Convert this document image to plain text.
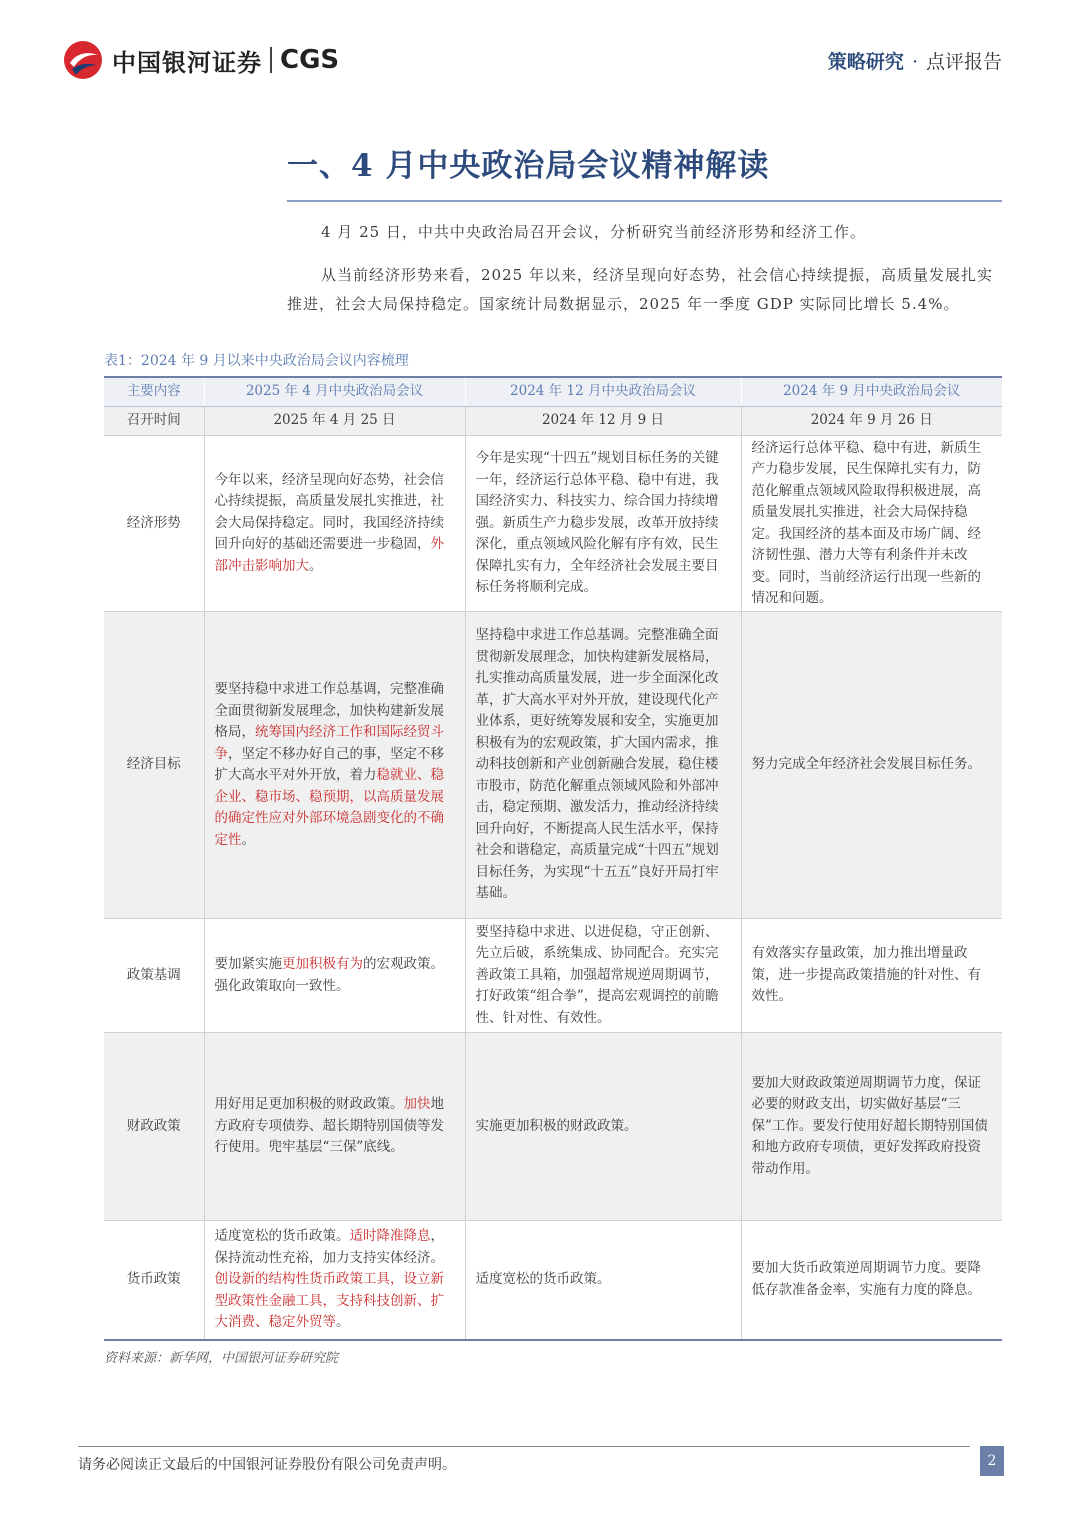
中国银河证券 CGS	策略研究 · 点评报告
一、4 月中央政治局会议精神解读
4 月 25 日，中共中央政治局召开会议，分析研究当前经济形势和经济工作。
从当前经济形势来看，2025 年以来，经济呈现向好态势，社会信心持续提振，高质量发展扎实推进，社会大局保持稳定。国家统计局数据显示，2025 年一季度 GDP 实际同比增长 5.4%。
表1：2024 年 9 月以来中央政治局会议内容梳理
主要内容	2025 年 4 月中央政治局会议	2024 年 12 月中央政治局会议	2024 年 9 月中央政治局会议
召开时间	2025 年 4 月 25 日	2024 年 12 月 9 日	2024 年 9 月 26 日
经济形势	今年以来，经济呈现向好态势，社会信心持续提振，高质量发展扎实推进，社会大局保持稳定。同时，我国经济持续回升向好的基础还需要进一步稳固，外部冲击影响加大。	今年是实现“十四五”规划目标任务的关键一年，经济运行总体平稳、稳中有进，我国经济实力、科技实力、综合国力持续增强。新质生产力稳步发展，改革开放持续深化，重点领域风险化解有序有效，民生保障扎实有力，全年经济社会发展主要目标任务将顺利完成。	经济运行总体平稳、稳中有进，新质生产力稳步发展，民生保障扎实有力，防范化解重点领域风险取得积极进展，高质量发展扎实推进，社会大局保持稳定。我国经济的基本面及市场广阔、经济韧性强、潜力大等有利条件并未改变。同时，当前经济运行出现一些新的情况和问题。
经济目标	要坚持稳中求进工作总基调，完整准确全面贯彻新发展理念，加快构建新发展格局，统筹国内经济工作和国际经贸斗争，坚定不移办好自己的事，坚定不移扩大高水平对外开放，着力稳就业、稳企业、稳市场、稳预期，以高质量发展的确定性应对外部环境急剧变化的不确定性。	坚持稳中求进工作总基调。完整准确全面贯彻新发展理念，加快构建新发展格局，扎实推动高质量发展，进一步全面深化改革，扩大高水平对外开放，建设现代化产业体系，更好统筹发展和安全，实施更加积极有为的宏观政策，扩大国内需求，推动科技创新和产业创新融合发展，稳住楼市股市，防范化解重点领域风险和外部冲击，稳定预期、激发活力，推动经济持续回升向好，不断提高人民生活水平，保持社会和谐稳定，高质量完成“十四五”规划目标任务，为实现“十五五”良好开局打牢基础。	努力完成全年经济社会发展目标任务。
政策基调	要加紧实施更加积极有为的宏观政策。强化政策取向一致性。	要坚持稳中求进、以进促稳，守正创新、先立后破，系统集成、协同配合。充实完善政策工具箱，加强超常规逆周期调节，打好政策“组合拳”，提高宏观调控的前瞻性、针对性、有效性。	有效落实存量政策，加力推出增量政策，进一步提高政策措施的针对性、有效性。
财政政策	用好用足更加积极的财政政策。加快地方政府专项债券、超长期特别国债等发行使用。兜牢基层“三保”底线。	实施更加积极的财政政策。	要加大财政政策逆周期调节力度，保证必要的财政支出，切实做好基层“三保”工作。要发行使用好超长期特别国债和地方政府专项债，更好发挥政府投资带动作用。
货币政策	适度宽松的货币政策。适时降准降息，保持流动性充裕，加力支持实体经济。创设新的结构性货币政策工具，设立新型政策性金融工具，支持科技创新、扩大消费、稳定外贸等。	适度宽松的货币政策。	要加大货币政策逆周期调节力度。要降低存款准备金率，实施有力度的降息。
资料来源：新华网，中国银河证券研究院
请务必阅读正文最后的中国银河证券股份有限公司免责声明。	2
